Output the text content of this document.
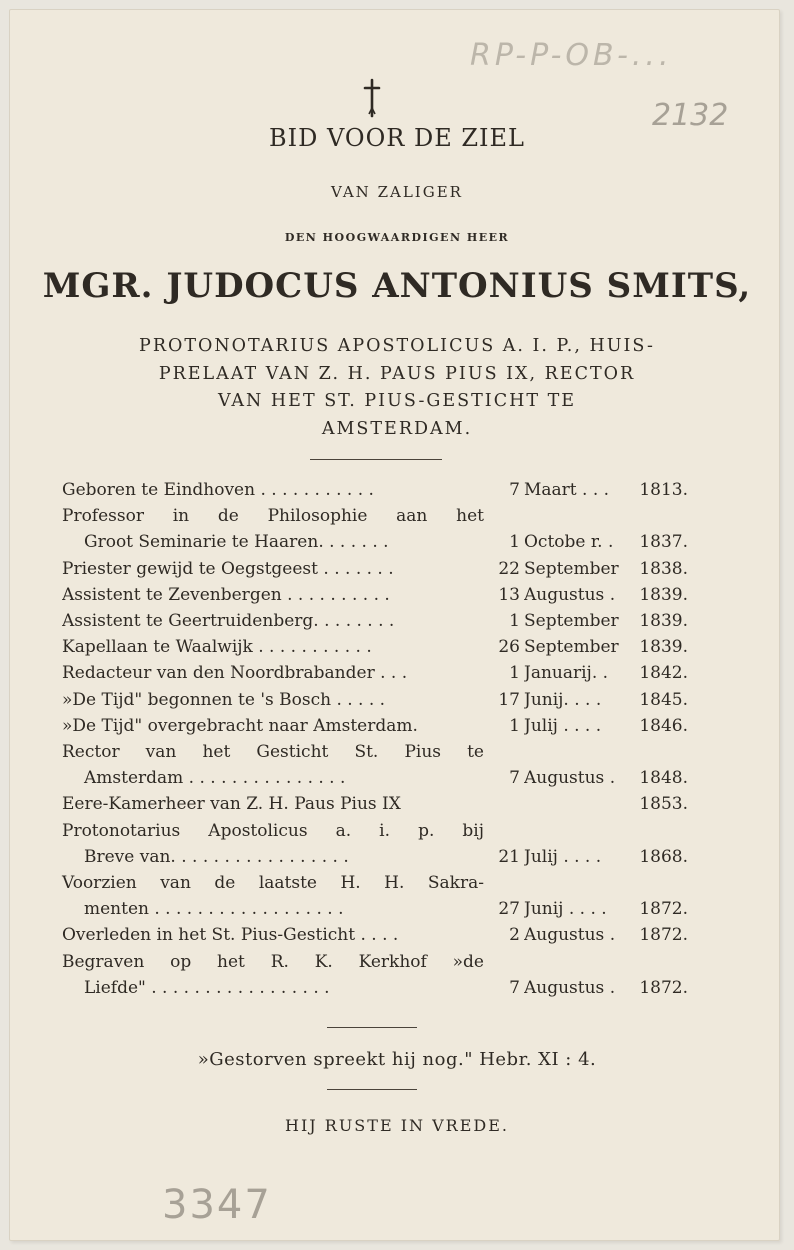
RP-P-OB-...
2132
3347
BID VOOR DE ZIEL
VAN ZALIGER
DEN HOOGWAARDIGEN HEER
MGR. JUDOCUS ANTONIUS SMITS,
PROTONOTARIUS APOSTOLICUS A. I. P., HUIS-
PRELAAT VAN Z. H. PAUS PIUS IX, RECTOR
VAN HET ST. PIUS-GESTICHT TE
AMSTERDAM.
Geboren te Eindhoven . . . . . . . . . . .	7 Maart . . . 1813.
Professor in de Philosophie aan het
Groot Seminarie te Haaren. . . . . . .	1 Octobe r. . 1837.
Priester gewijd te Oegstgeest . . . . . . .	22 September 1838.
Assistent te Zevenbergen . . . . . . . . . .	13 Augustus . 1839.
Assistent te Geertruidenberg. . . . . . . .	1 September 1839.
Kapellaan te Waalwijk . . . . . . . . . . .	26 September 1839.
Redacteur van den Noordbrabander . . .	1 Januarij. . 1842.
»De Tijd" begonnen te 's Bosch . . . . .	17 Junij. . . . 1845.
»De Tijd" overgebracht naar Amsterdam.	1 Julij . . . . 1846.
Rector van het Gesticht St. Pius te
Amsterdam . . . . . . . . . . . . . . .	7 Augustus . 1848.
Eere-Kamerheer van Z. H. Paus Pius IX	1853.
Protonotarius Apostolicus a. i. p. bij
Breve van. . . . . . . . . . . . . . . . .	21 Julij . . . . 1868.
Voorzien van de laatste H. H. Sakra-
menten . . . . . . . . . . . . . . . . . .	27 Junij . . . . 1872.
Overleden in het St. Pius-Gesticht . . . .	2 Augustus . 1872.
Begraven op het R. K. Kerkhof »de
Liefde" . . . . . . . . . . . . . . . . .	7 Augustus . 1872.
»Gestorven spreekt hij nog." Hebr. XI : 4.
HIJ RUSTE IN VREDE.
